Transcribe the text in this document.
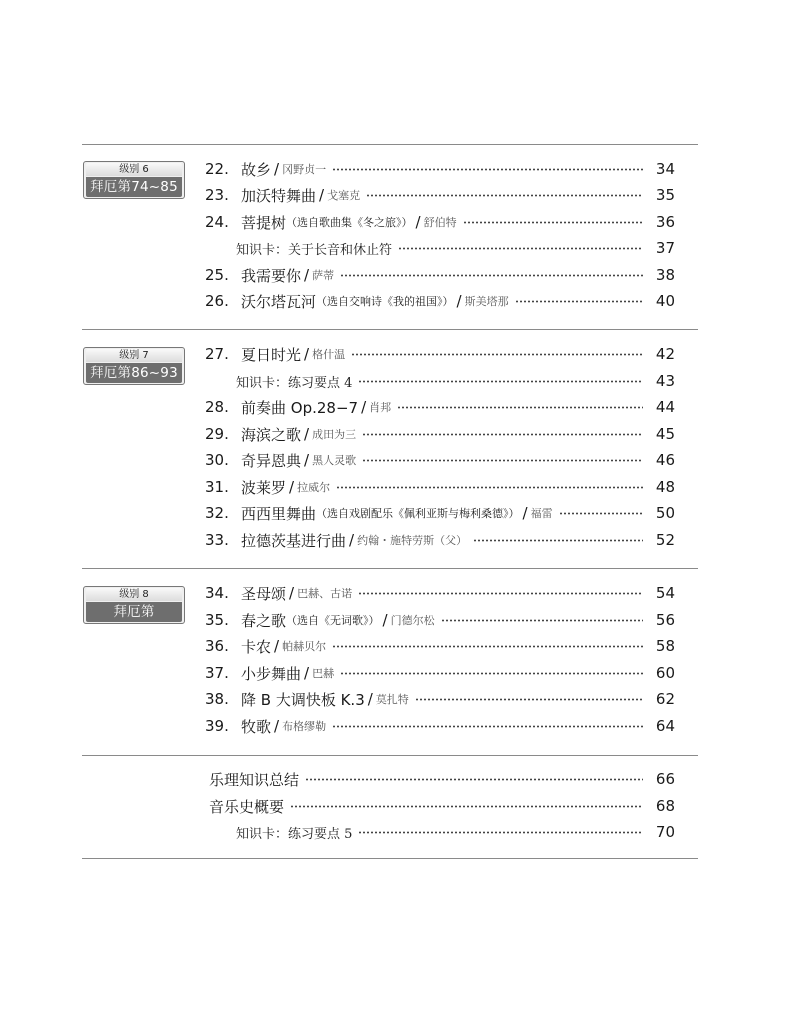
级别 6
拜厄第74~85首
22. 故乡 / 冈野贞一	34
23. 加沃特舞曲 / 戈塞克	35
24. 菩提树 （选自歌曲集《冬之旅》） / 舒伯特	36
知识卡：关于长音和休止符	37
25. 我需要你 / 萨蒂	38
26. 沃尔塔瓦河 （选自交响诗《我的祖国》） / 斯美塔那	40
级别 7
拜厄第86~93首
27. 夏日时光 / 格什温	42
知识卡：练习要点 4	43
28. 前奏曲 Op.28−7 / 肖邦	44
29. 海滨之歌 / 成田为三	45
30. 奇异恩典 / 黑人灵歌	46
31. 波莱罗 / 拉威尔	48
32. 西西里舞曲 （选自戏剧配乐《佩利亚斯与梅利桑德》） / 福雷	50
33. 拉德茨基进行曲 / 约翰・施特劳斯（父）	52
级别 8
拜厄第94~106首
34. 圣母颂 / 巴赫、古诺	54
35. 春之歌 （选自《无词歌》） / 门德尔松	56
36. 卡农 / 帕赫贝尔	58
37. 小步舞曲 / 巴赫	60
38. 降 B 大调快板 K.3 / 莫扎特	62
39. 牧歌 / 布格缪勒	64
乐理知识总结	66
音乐史概要	68
知识卡：练习要点 5	70
